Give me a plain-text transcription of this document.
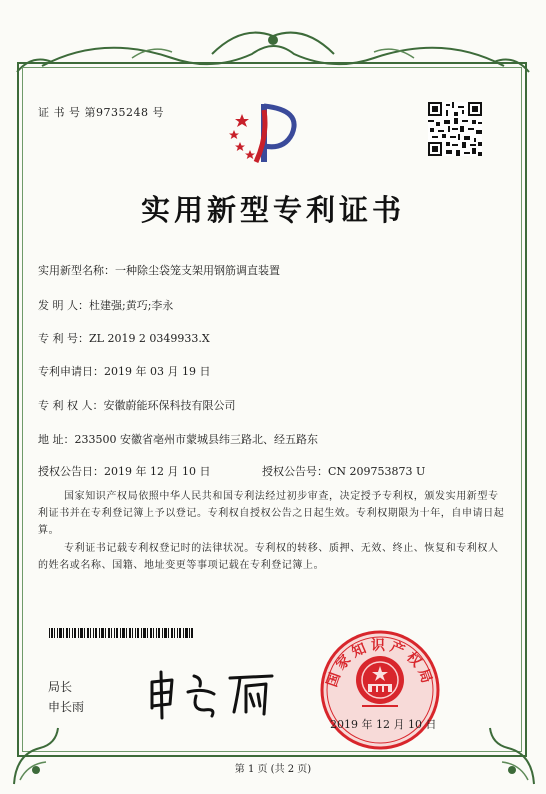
证 书 号 第9735248 号
实用新型专利证书
实用新型名称：一种除尘袋笼支架用钢筋调直装置
发 明 人：杜建强;黄巧;李永
专 利 号：ZL 2019 2 0349933.X
专利申请日：2019 年 03 月 19 日
专 利 权 人：安徽蔚能环保科技有限公司
地 址：233500 安徽省亳州市蒙城县纬三路北、经五路东
授权公告日：2019 年 12 月 10 日	授权公告号：CN 209753873 U
国家知识产权局依照中华人民共和国专利法经过初步审查，决定授予专利权，颁发实用新型专利证书并在专利登记簿上予以登记。专利权自授权公告之日起生效。专利权期限为十年，自申请日起算。
专利证书记载专利权登记时的法律状况。专利权的转移、质押、无效、终止、恢复和专利权人的姓名或名称、国籍、地址变更等事项记载在专利登记簿上。
局长
申长雨
国家知识产权局
2019 年 12 月 10 日
第 1 页 (共 2 页)
